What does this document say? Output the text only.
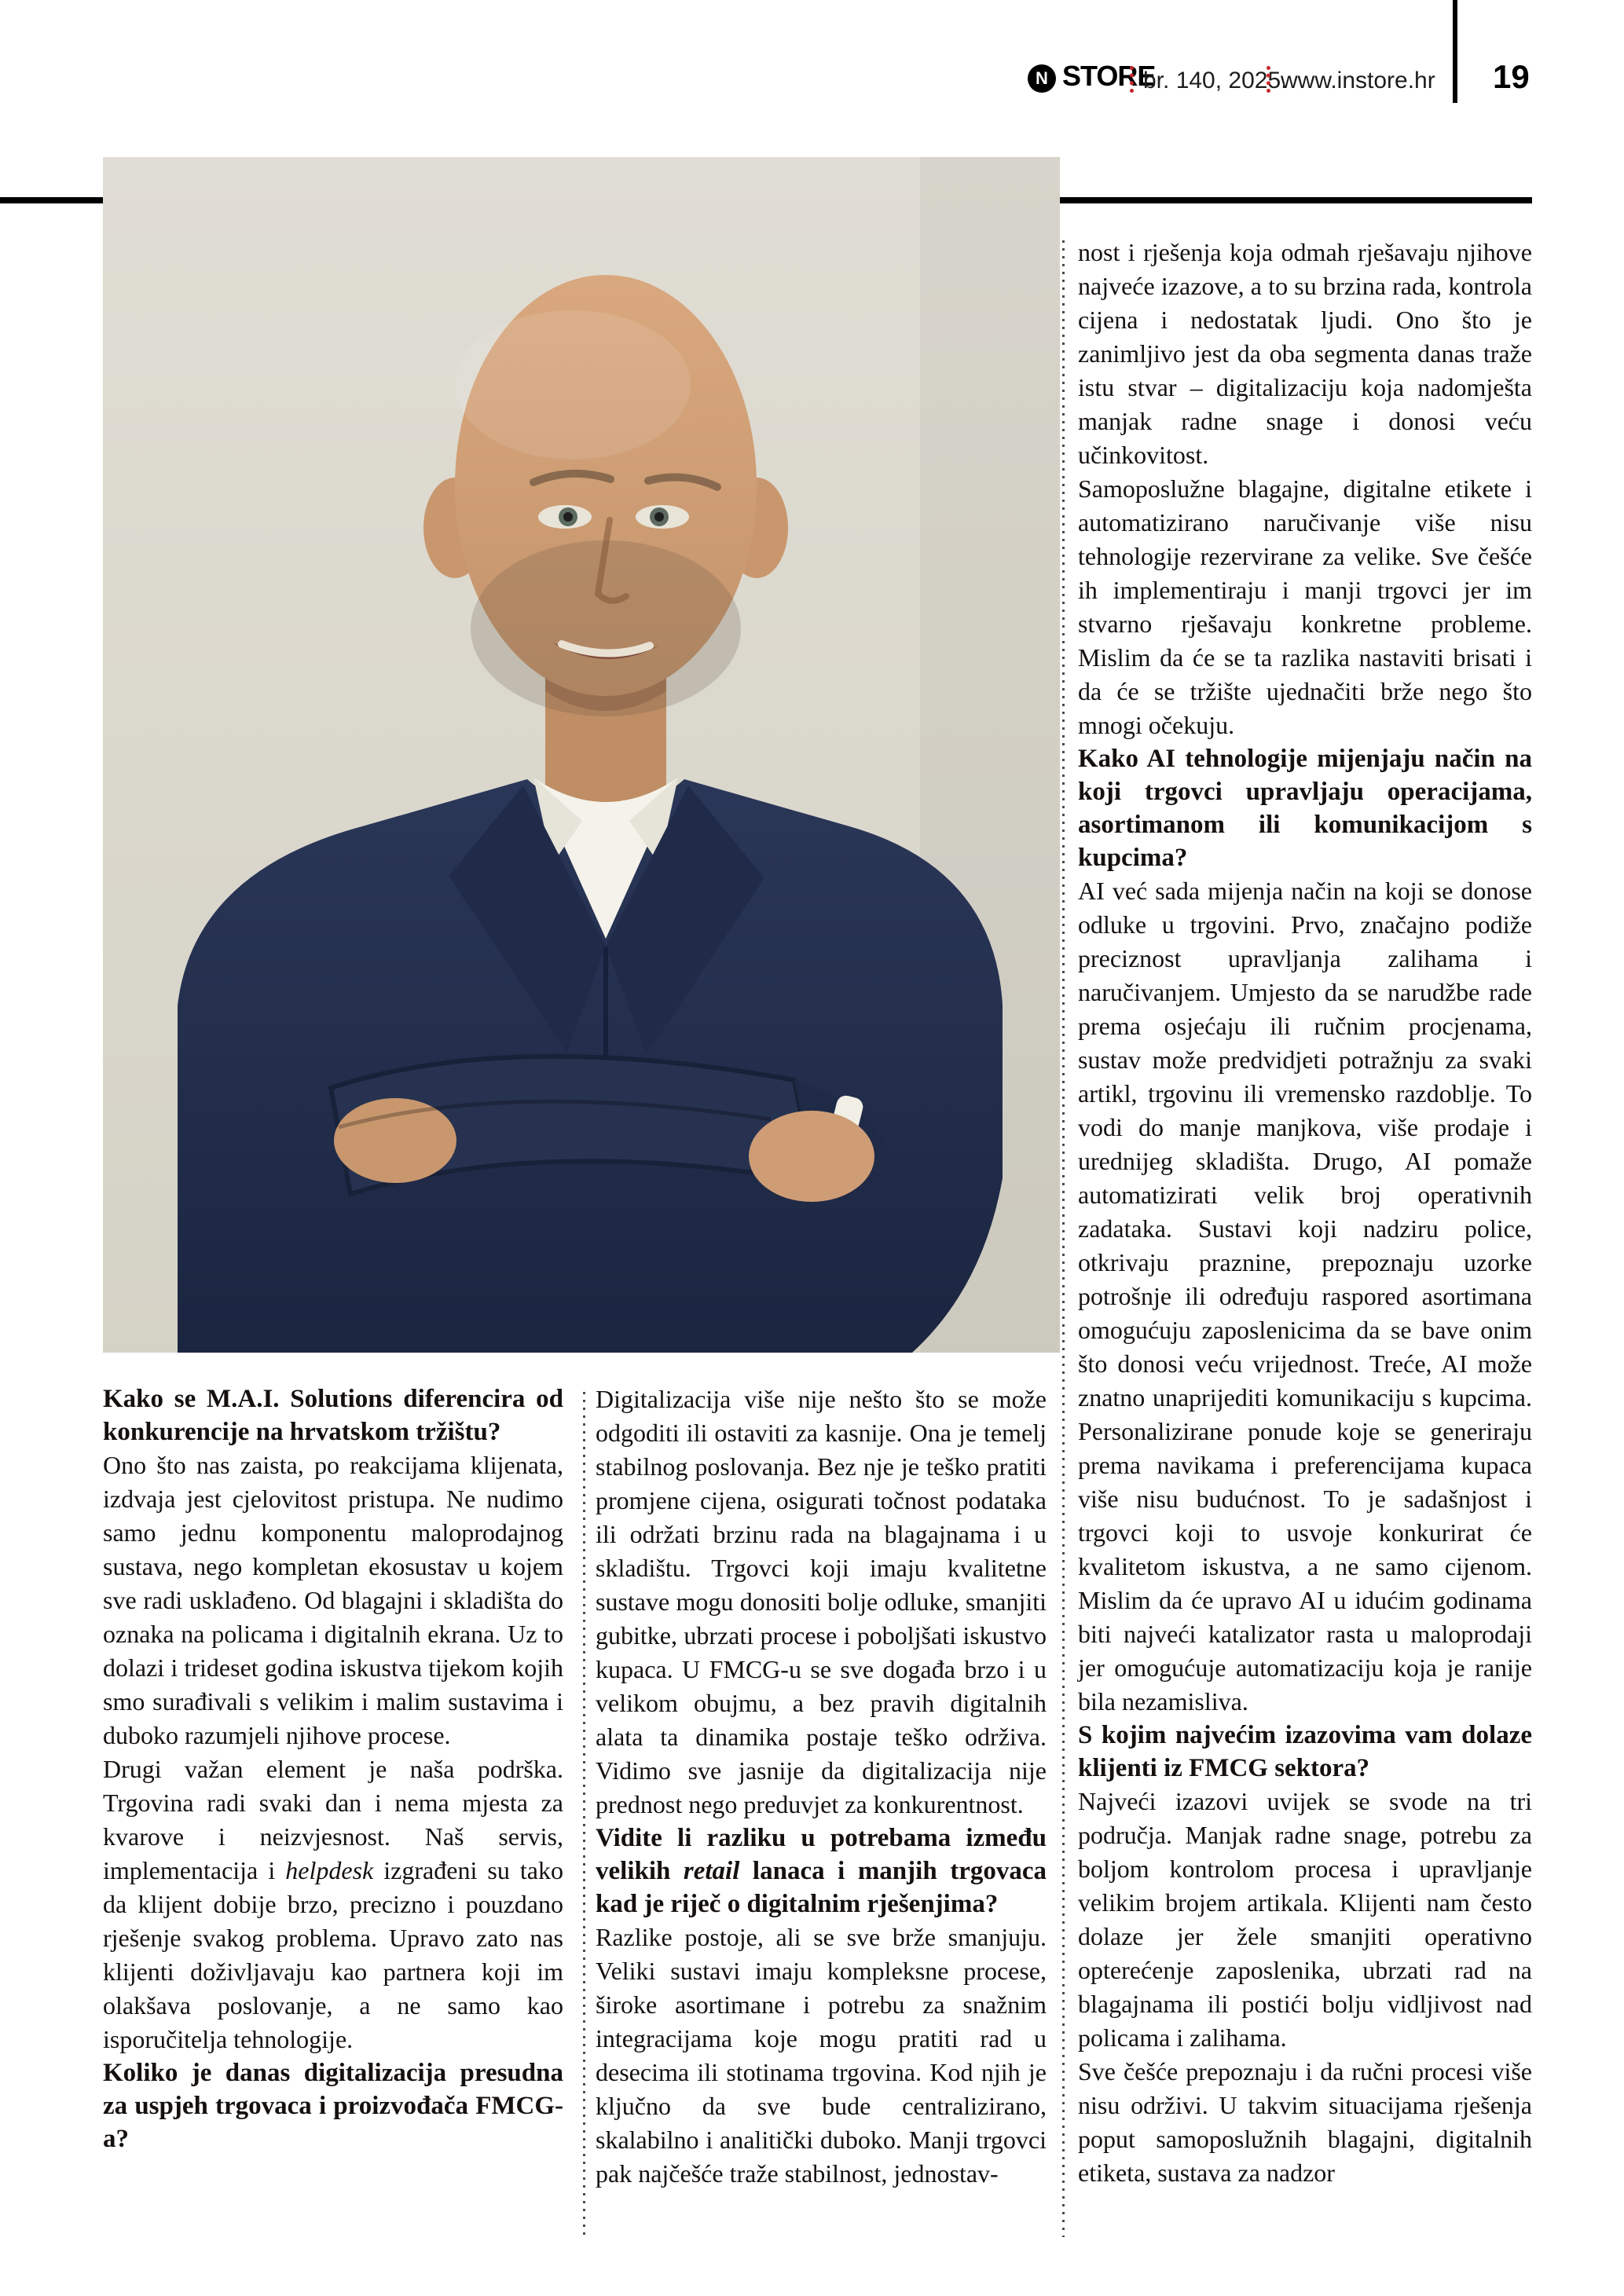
N STORE
br. 140, 2025.
www.instore.hr 19

Kako se M.A.I. Solutions diferencira od konkurencije na hrvatskom tržištu?

Ono što nas zaista, po reakcijama klijenata, izdvaja jest cjelovitost pristupa. Ne nudimo samo jednu komponentu maloprodajnog sustava, nego kompletan ekosustav u kojem sve radi usklađeno. Od blagajni i skladišta do oznaka na policama i digitalnih ekrana. Uz to dolazi i trideset godina iskustva tijekom kojih smo surađivali s velikim i malim sustavima i duboko razumjeli njihove procese.

Drugi važan element je naša podrška. Trgovina radi svaki dan i nema mjesta za kvarove i neizvjesnost. Naš servis, implementacija i helpdesk izgrađeni su tako da klijent dobije brzo, precizno i pouzdano rješenje svakog problema. Upravo zato nas klijenti doživljavaju kao partnera koji im olakšava poslovanje, a ne samo kao isporučitelja tehnologije.

Koliko je danas digitalizacija presudna za uspjeh trgovaca i proizvođača FMCG-a?

Digitalizacija više nije nešto što se može odgoditi ili ostaviti za kasnije. Ona je temelj stabilnog poslovanja. Bez nje je teško pratiti promjene cijena, osigurati točnost podataka ili održati brzinu rada na blagajnama i u skladištu. Trgovci koji imaju kvalitetne sustave mogu donositi bolje odluke, smanjiti gubitke, ubrzati procese i poboljšati iskustvo kupaca. U FMCG-u se sve događa brzo i u velikom obujmu, a bez pravih digitalnih alata ta dinamika postaje teško održiva. Vidimo sve jasnije da digitalizacija nije prednost nego preduvjet za konkurentnost.

Vidite li razliku u potrebama između velikih retail lanaca i manjih trgovaca kad je riječ o digitalnim rješenjima?

Razlike postoje, ali se sve brže smanjuju. Veliki sustavi imaju kompleksne procese, široke asortimane i potrebu za snažnim integracijama koje mogu pratiti rad u desecima ili stotinama trgovina. Kod njih je ključno da sve bude centralizirano, skalabilno i analitički duboko. Manji trgovci pak najčešće traže stabilnost, jednostav-

nost i rješenja koja odmah rješavaju njihove najveće izazove, a to su brzina rada, kontrola cijena i nedostatak ljudi. Ono što je zanimljivo jest da oba segmenta danas traže istu stvar – digitalizaciju koja nadomješta manjak radne snage i donosi veću učinkovitost.

Samoposlužne blagajne, digitalne etikete i automatizirano naručivanje više nisu tehnologije rezervirane za velike. Sve češće ih implementiraju i manji trgovci jer im stvarno rješavaju konkretne probleme. Mislim da će se ta razlika nastaviti brisati i da će se tržište ujednačiti brže nego što mnogi očekuju.

Kako AI tehnologije mijenjaju način na koji trgovci upravljaju operacijama, asortimanom ili komunikacijom s kupcima?

AI već sada mijenja način na koji se donose odluke u trgovini. Prvo, značajno podiže preciznost upravljanja zalihama i naručivanjem. Umjesto da se narudžbe rade prema osjećaju ili ručnim procjenama, sustav može predvidjeti potražnju za svaki artikl, trgovinu ili vremensko razdoblje. To vodi do manje manjkova, više prodaje i urednijeg skladišta. Drugo, AI pomaže automatizirati velik broj operativnih zadataka. Sustavi koji nadziru police, otkrivaju praznine, prepoznaju uzorke potrošnje ili određuju raspored asortimana omogućuju zaposlenicima da se bave onim što donosi veću vrijednost. Treće, AI može znatno unaprijediti komunikaciju s kupcima. Personalizirane ponude koje se generiraju prema navikama i preferencijama kupaca više nisu budućnost. To je sadašnjost i trgovci koji to usvoje konkurirat će kvalitetom iskustva, a ne samo cijenom. Mislim da će upravo AI u idućim godinama biti najveći katalizator rasta u maloprodaji jer omogućuje automatizaciju koja je ranije bila nezamisliva.

S kojim najvećim izazovima vam dolaze klijenti iz FMCG sektora?

Najveći izazovi uvijek se svode na tri područja. Manjak radne snage, potrebu za boljom kontrolom procesa i upravljanje velikim brojem artikala. Klijenti nam često dolaze jer žele smanjiti operativno opterećenje zaposlenika, ubrzati rad na blagajnama ili postići bolju vidljivost nad policama i zalihama.

Sve češće prepoznaju i da ručni procesi više nisu održivi. U takvim situacijama rješenja poput samoposlužnih blagajni, digitalnih etiketa, sustava za nadzor
